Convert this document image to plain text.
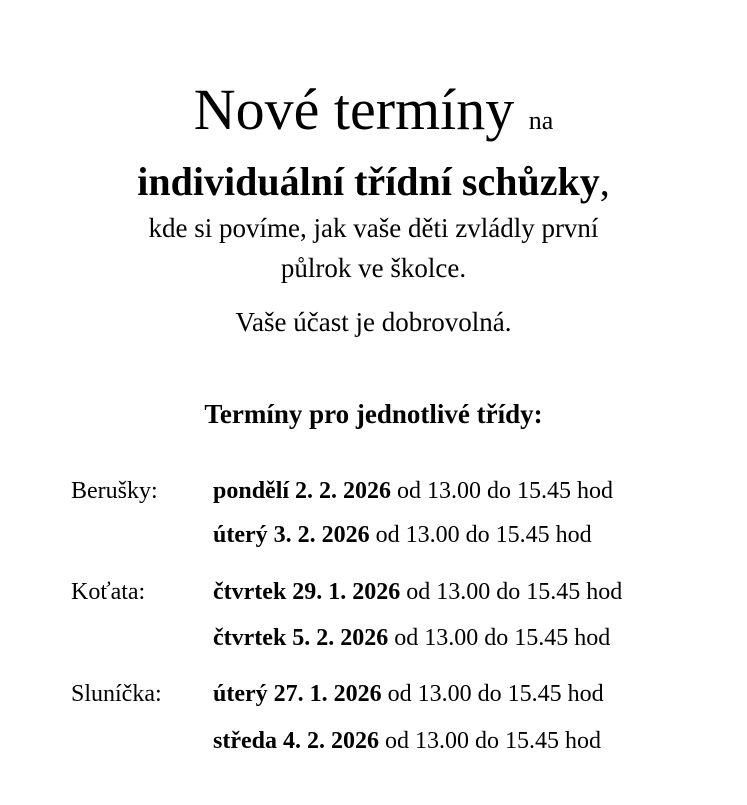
Nové termíny na
individuální třídní schůzky,
kde si povíme, jak vaše děti zvládly první
půlrok ve školce.
Vaše účast je dobrovolná.
Termíny pro jednotlivé třídy:
Berušky: pondělí 2. 2. 2026 od 13.00 do 15.45 hod
úterý 3. 2. 2026 od 13.00 do 15.45 hod
Koťata:	čtvrtek 29. 1. 2026 od 13.00 do 15.45 hod
čtvrtek 5. 2. 2026 od 13.00 do 15.45 hod
Sluníčka: úterý 27. 1. 2026 od 13.00 do 15.45 hod
středa 4. 2. 2026 od 13.00 do 15.45 hod
